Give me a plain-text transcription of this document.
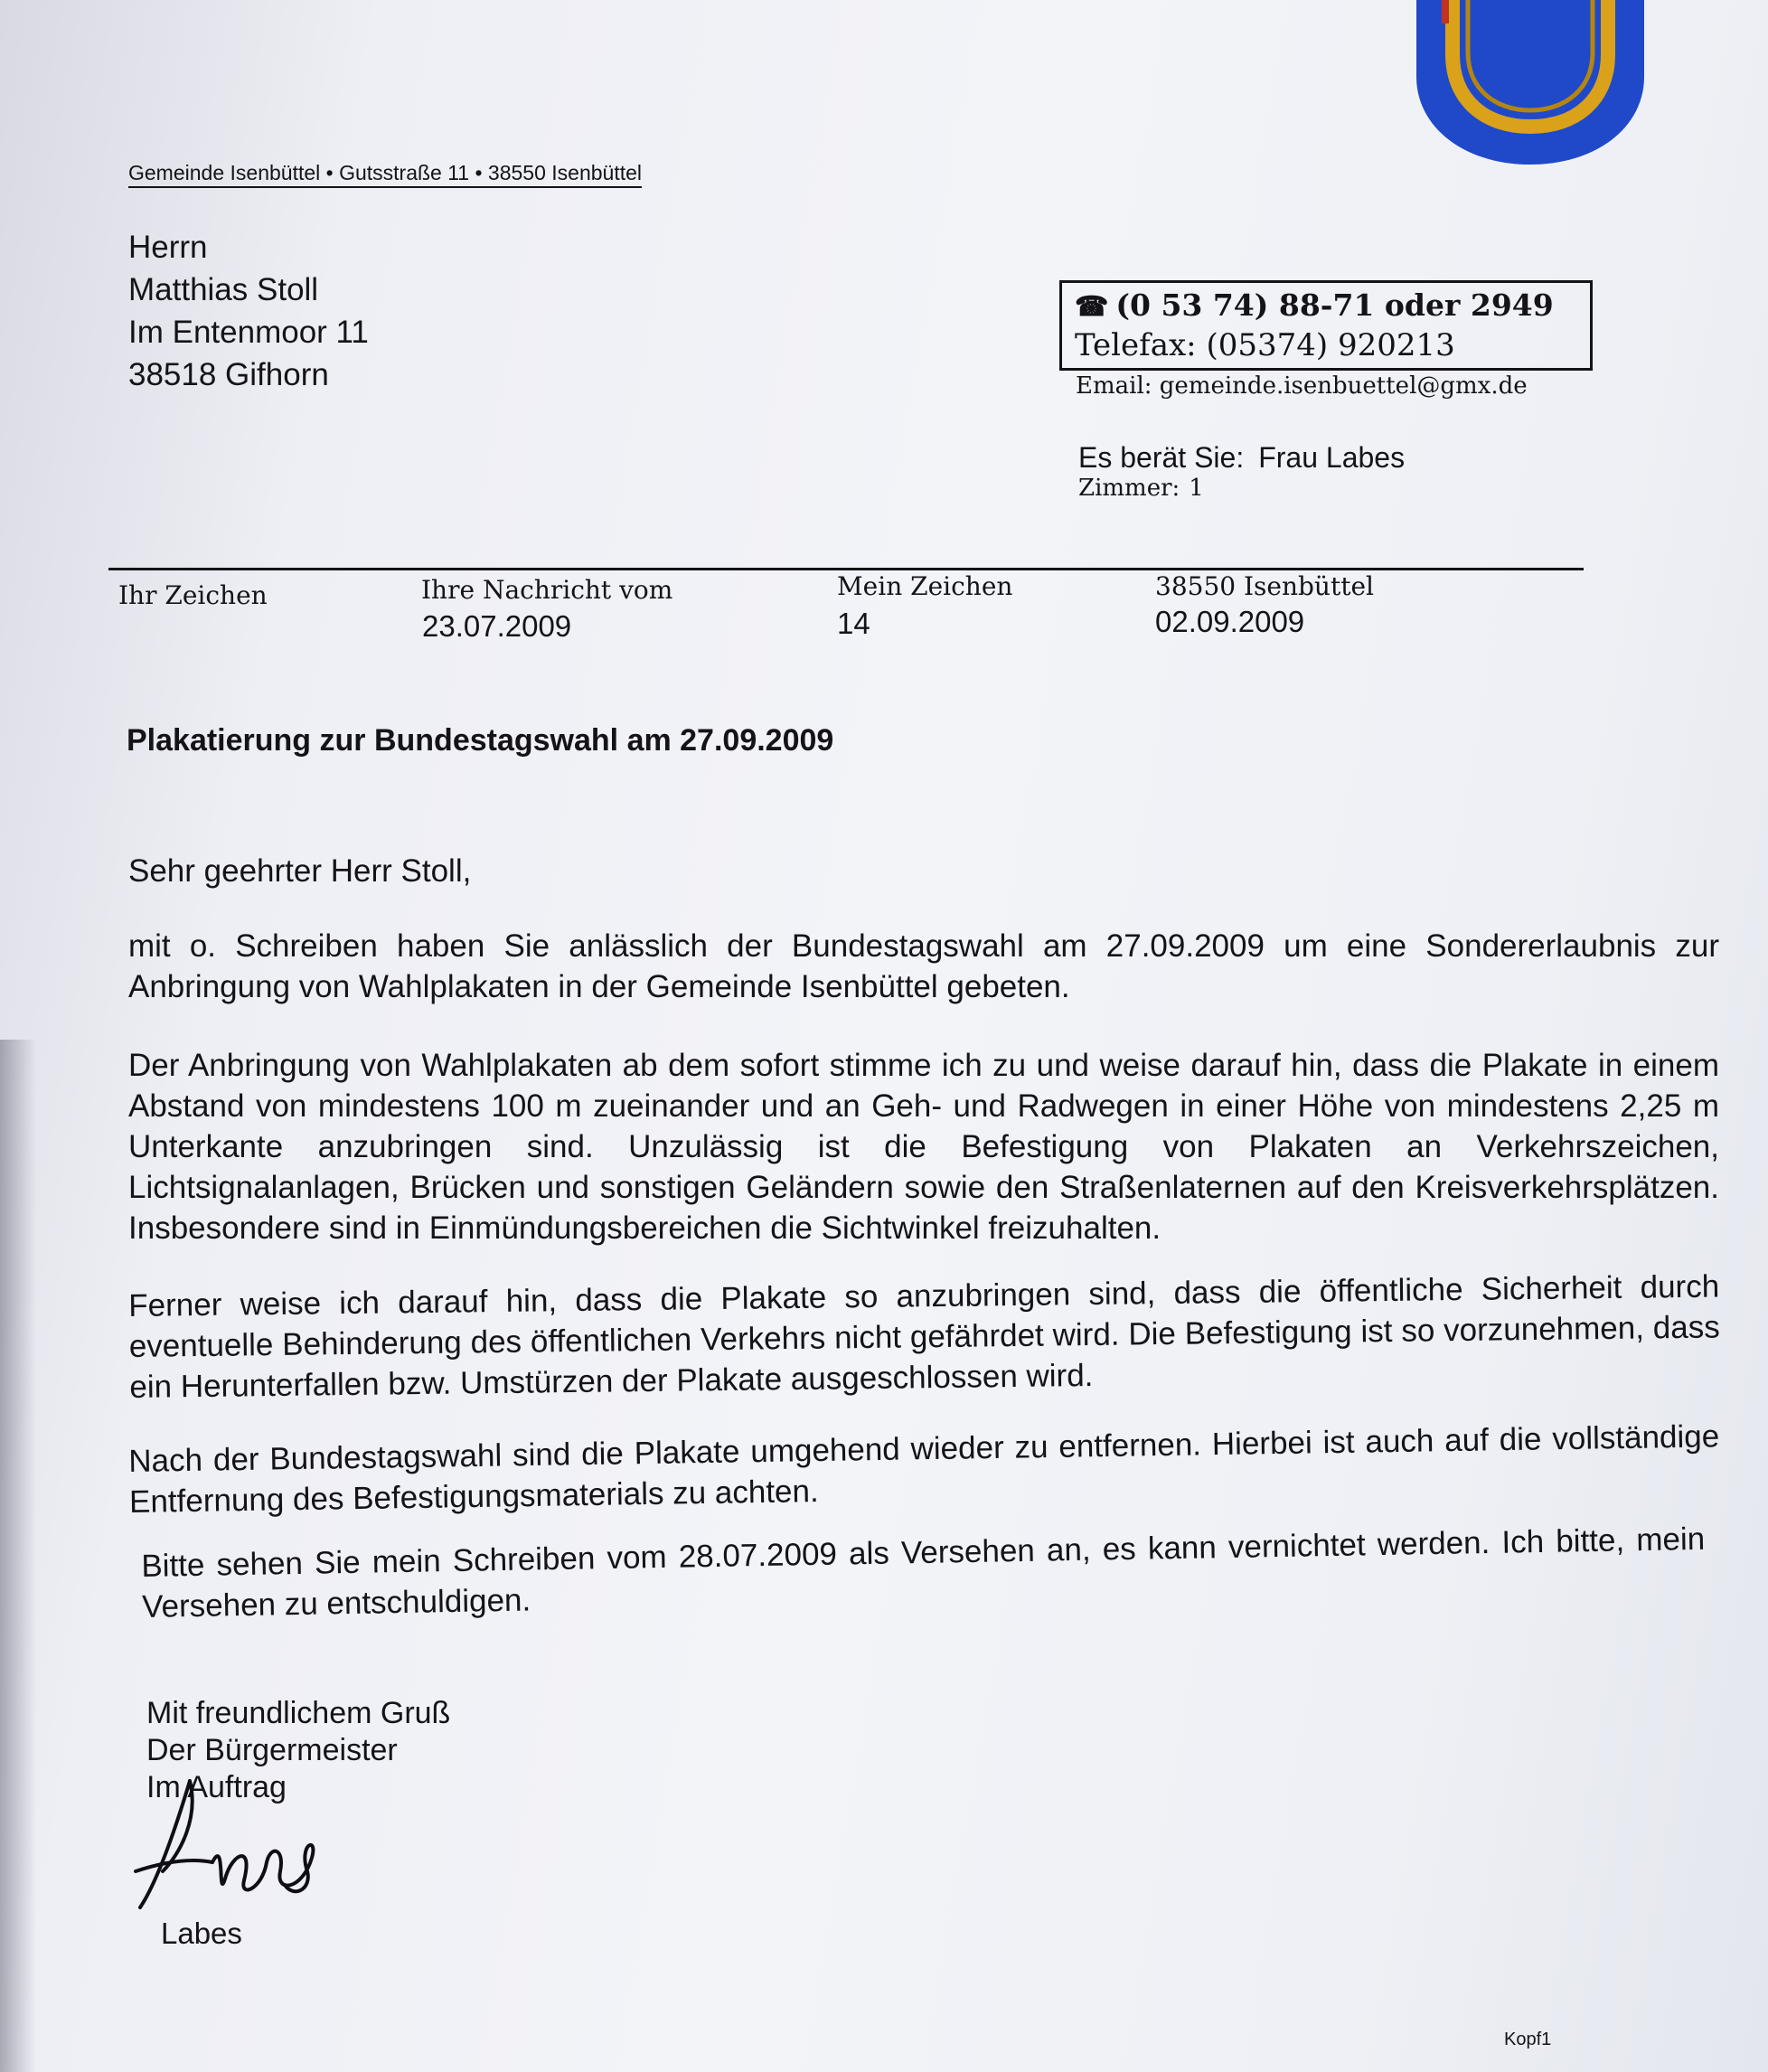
Gemeinde Isenbüttel • Gutsstraße 11 • 38550 Isenbüttel
Herrn
Matthias Stoll
Im Entenmoor 11
38518 Gifhorn
☎ (0 53 74) 88-71 oder 2949
Telefax: (05374) 920213
Email: gemeinde.isenbuettel@gmx.de
Es berät Sie: Frau Labes
Zimmer: 1
Ihr Zeichen	Ihre Nachricht vom
23.07.2009
Mein Zeichen
14
38550 Isenbüttel
02.09.2009
Plakatierung zur Bundestagswahl am 27.09.2009
Sehr geehrter Herr Stoll,
mit o. Schreiben haben Sie anlässlich der Bundestagswahl am 27.09.2009 um eine Sondererlaubnis zur Anbringung von Wahlplakaten in der Gemeinde Isenbüttel gebeten.
Der Anbringung von Wahlplakaten ab dem sofort stimme ich zu und weise darauf hin, dass die Plakate in einem Abstand von mindestens 100 m zueinander und an Geh- und Radwegen in einer Höhe von mindestens 2,25 m Unterkante anzubringen sind. Unzulässig ist die Befestigung von Plakaten an Verkehrszeichen, Lichtsignalanlagen, Brücken und sonstigen Geländern sowie den Straßenlaternen auf den Kreisverkehrsplätzen. Insbesondere sind in Einmündungsbereichen die Sichtwinkel freizuhalten.
Ferner weise ich darauf hin, dass die Plakate so anzubringen sind, dass die öffentliche Sicherheit durch eventuelle Behinderung des öffentlichen Verkehrs nicht gefährdet wird. Die Befestigung ist so vorzunehmen, dass ein Herunterfallen bzw. Umstürzen der Plakate ausgeschlossen wird.
Nach der Bundestagswahl sind die Plakate umgehend wieder zu entfernen. Hierbei ist auch auf die vollständige Entfernung des Befestigungsmaterials zu achten.
Bitte sehen Sie mein Schreiben vom 28.07.2009 als Versehen an, es kann vernichtet werden. Ich bitte, mein Versehen zu entschuldigen.
Mit freundlichem Gruß
Der Bürgermeister
Im Auftrag
Labes
Kopf1
